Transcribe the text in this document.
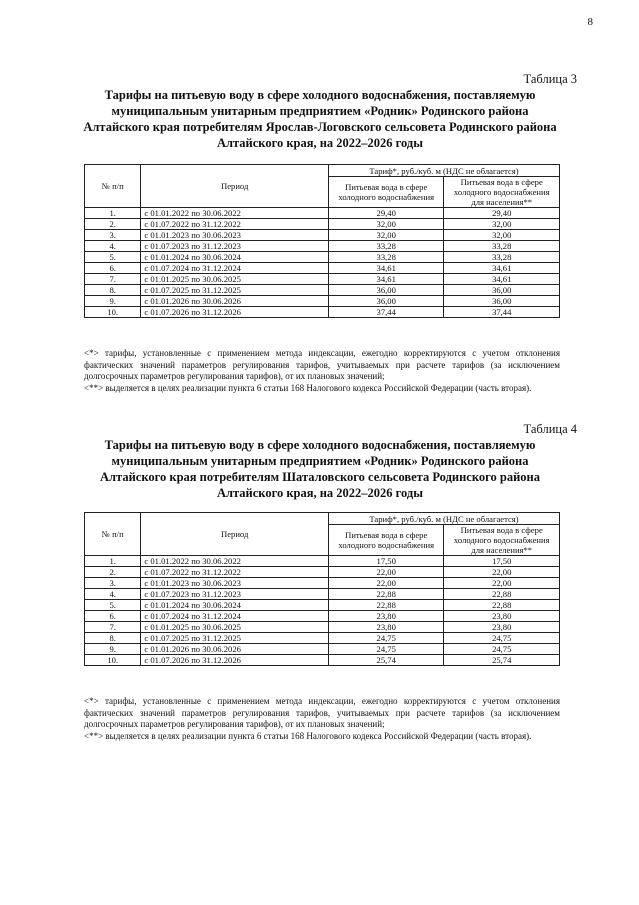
8
Таблица 3
Тарифы на питьевую воду в сфере холодного водоснабжения, поставляемую
муниципальным унитарным предприятием «Родник» Родинского района
Алтайского края потребителям Ярослав-Логовского сельсовета Родинского района
Алтайского края, на 2022–2026 годы
№ п/п	Период	Тариф*, руб./куб. м (НДС не облагается)	
		Питьевая вода в сфере холодного водоснабжения	Питьевая вода в сфере холодного водоснабжения для населения**
1.	с 01.01.2022 по 30.06.2022	29,40	29,40
2.	с 01.07.2022 по 31.12.2022	32,00	32,00
3.	с 01.01.2023 по 30.06.2023	32,00	32,00
4.	с 01.07.2023 по 31.12.2023	33,28	33,28
5.	с 01.01.2024 по 30.06.2024	33,28	33,28
6.	с 01.07.2024 по 31.12.2024	34,61	34,61
7.	с 01.01.2025 по 30.06.2025	34,61	34,61
8.	с 01.07.2025 по 31.12.2025	36,00	36,00
9.	с 01.01.2026 по 30.06.2026	36,00	36,00
10.	с 01.07.2026 по 31.12.2026	37,44	37,44

<*> тарифы, установленные с применением метода индексации, ежегодно корректируются с учетом отклонения фактических значений параметров регулирования тарифов, учитываемых при расчете тарифов (за исключением долгосрочных параметров регулирования тарифов), от их плановых значений;

<**> выделяется в целях реализации пункта 6 статьи 168 Налогового кодекса Российской Федерации (часть вторая).

Таблица 4
Тарифы на питьевую воду в сфере холодного водоснабжения, поставляемую
муниципальным унитарным предприятием «Родник» Родинского района
Алтайского края потребителям Шаталовского сельсовета Родинского района
Алтайского края, на 2022–2026 годы
№ п/п	Период	Тариф*, руб./куб. м (НДС не облагается)	
		Питьевая вода в сфере холодного водоснабжения	Питьевая вода в сфере холодного водоснабжения для населения**
1.	с 01.01.2022 по 30.06.2022	17,50	17,50
2.	с 01.07.2022 по 31.12.2022	22,00	22,00
3.	с 01.01.2023 по 30.06.2023	22,00	22,00
4.	с 01.07.2023 по 31.12.2023	22,88	22,88
5.	с 01.01.2024 по 30.06.2024	22,88	22,88
6.	с 01.07.2024 по 31.12.2024	23,80	23,80
7.	с 01.01.2025 по 30.06.2025	23,80	23,80
8.	с 01.07.2025 по 31.12.2025	24,75	24,75
9.	с 01.01.2026 по 30.06.2026	24,75	24,75
10.	с 01.07.2026 по 31.12.2026	25,74	25,74

<*> тарифы, установленные с применением метода индексации, ежегодно корректируются с учетом отклонения фактических значений параметров регулирования тарифов, учитываемых при расчете тарифов (за исключением долгосрочных параметров регулирования тарифов), от их плановых значений;

<**> выделяется в целях реализации пункта 6 статьи 168 Налогового кодекса Российской Федерации (часть вторая).
